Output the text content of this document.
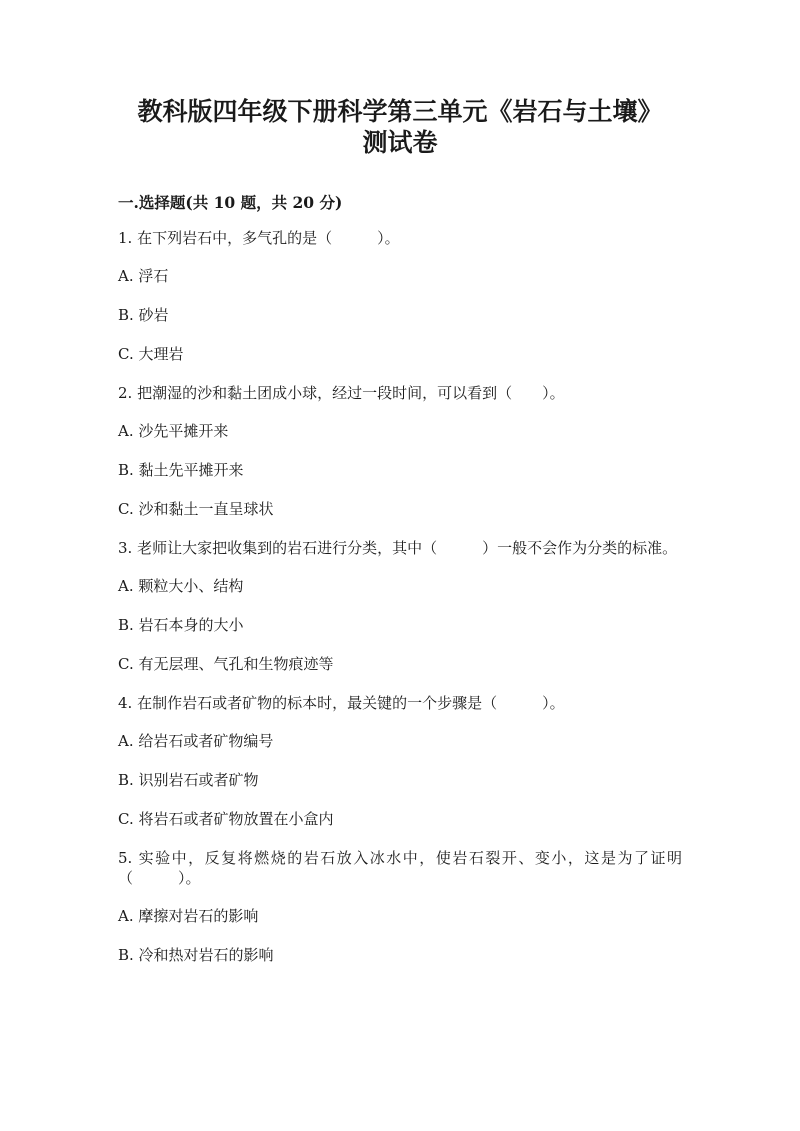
教科版四年级下册科学第三单元《岩石与土壤》测试卷
一.选择题(共 10 题，共 20 分)
1. 在下列岩石中，多气孔的是（　　　）。
A. 浮石
B. 砂岩
C. 大理岩
2. 把潮湿的沙和黏土团成小球，经过一段时间，可以看到（　　）。
A. 沙先平摊开来
B. 黏土先平摊开来
C. 沙和黏土一直呈球状
3. 老师让大家把收集到的岩石进行分类，其中（　　　）一般不会作为分类的标准。
A. 颗粒大小、结构
B. 岩石本身的大小
C. 有无层理、气孔和生物痕迹等
4. 在制作岩石或者矿物的标本时，最关键的一个步骤是（　　　）。
A. 给岩石或者矿物编号
B. 识别岩石或者矿物
C. 将岩石或者矿物放置在小盒内
5. 实验中，反复将燃烧的岩石放入冰水中，使岩石裂开、变小，这是为了证明（　　　）。
A. 摩擦对岩石的影响
B. 冷和热对岩石的影响
